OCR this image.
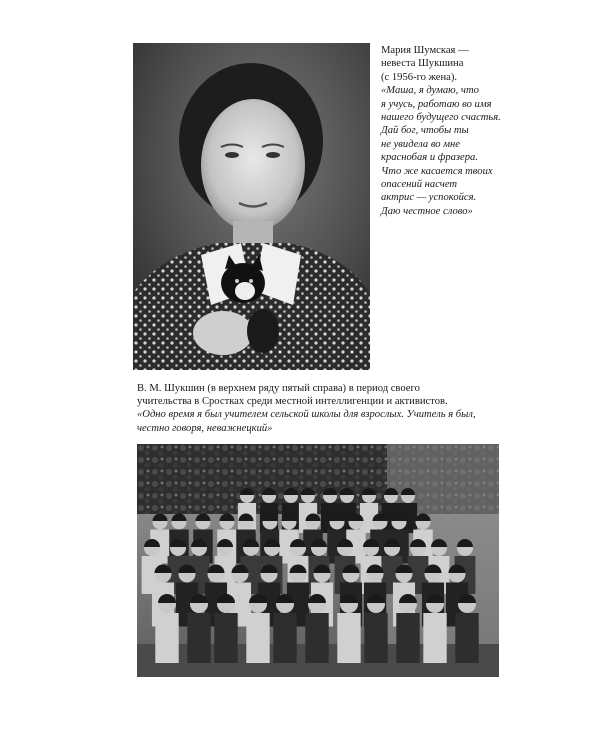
Мария Шумская —
невеста Шукшина
(с 1956-го жена).
«Маша, я думаю, что
я учусь, работаю во имя
нашего будущего счастья.
Дай бог, чтобы ты
не увидела во мне
краснобая и фразера.
Что же касается твоих
опасений насчет
актрис — успокойся.
Даю честное слово»
В. М. Шукшин (в верхнем ряду пятый справа) в период своего
учительства в Сростках среди местной интеллигенции и активистов.
«Одно время я был учителем сельской школы для взрослых. Учитель я был,
честно говоря, неважнецкий»
